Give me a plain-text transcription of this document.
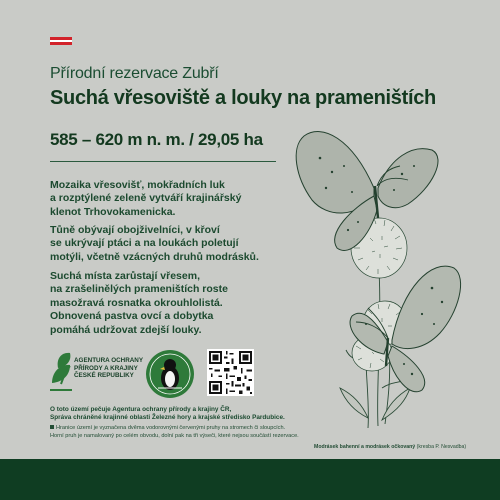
Přírodní rezervace Zubří
Suchá vřesoviště a louky na prameništích
585 – 620 m n. m. / 29,05 ha
Mozaika vřesovišť, mokřadních luk
a rozptýlené zeleně vytváří krajinářský
klenot Trhovokamenicka.
Tůně obývají obojživelníci, v křoví
se ukrývají ptáci a na loukách poletují
motýli, včetně vzácných druhů modrásků.
Suchá místa zarůstají vřesem,
na zrašelinělých prameništích roste
masožravá rosnatka okrouhlolistá.
Obnovená pastva ovcí a dobytka
pomáhá udržovat zdejší louky.
AGENTURA OCHRANY
PŘÍRODY A KRAJINY
ČESKÉ REPUBLIKY
O toto území pečuje Agentura ochrany přírody a krajiny ČR,
Správa chráněné krajinné oblasti Železné hory a krajské středisko Pardubice.
Hranice území je vyznačena dvěma vodorovnými červenými pruhy na stromech či sloupcích.
Horní pruh je namalovaný po celém obvodu, dolní pak na tři výseči, které nejsou součástí rezervace.
Modrásek bahenní a modrásek očkovaný (kresba P. Nesvadba)
